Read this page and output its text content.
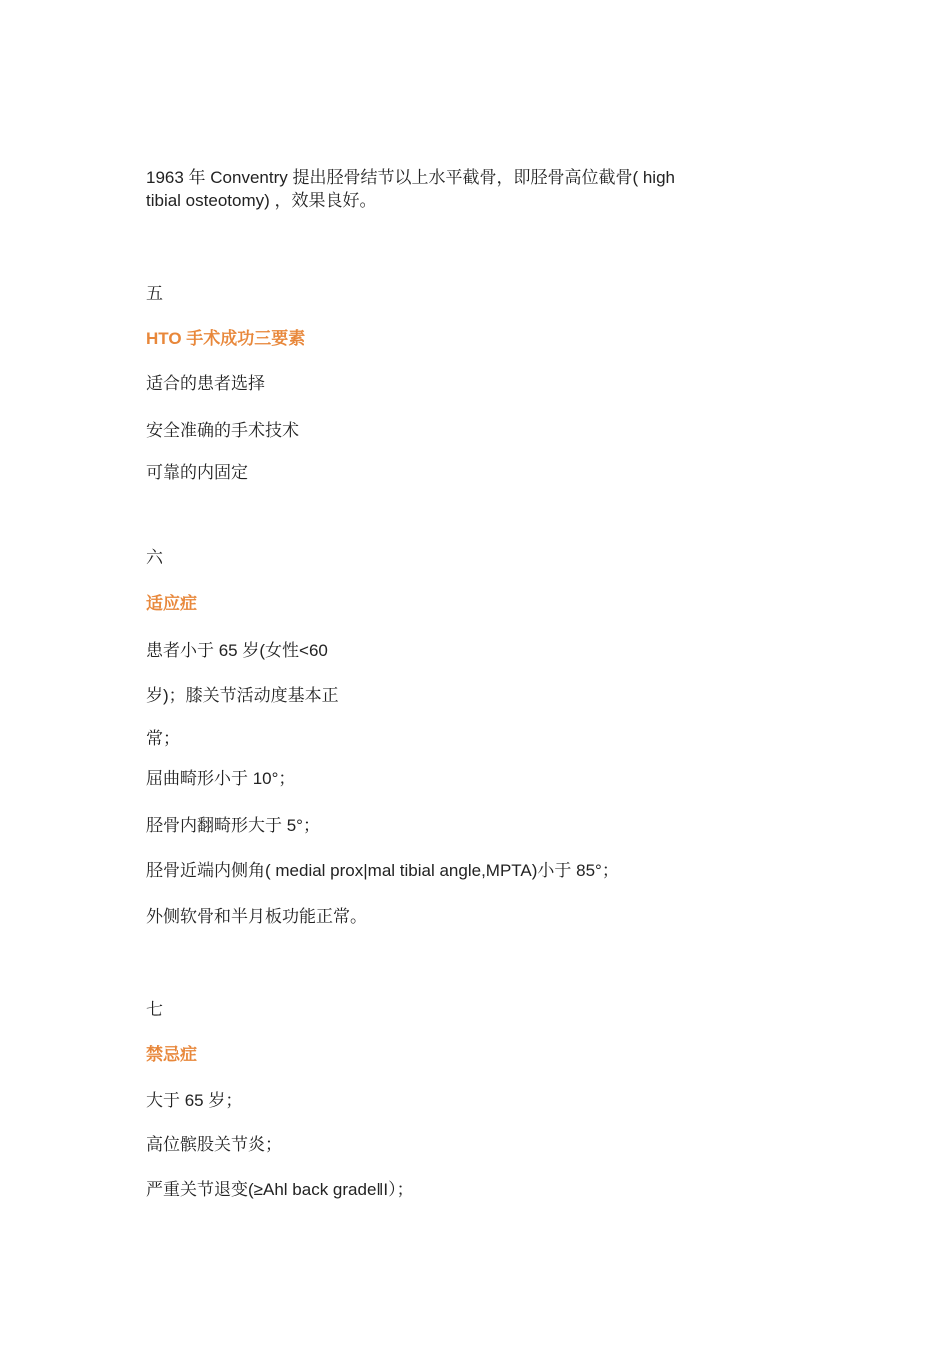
1963 年 Conventry 提出胫骨结节以上水平截骨，即胫骨高位截骨( high
tibial osteotomy) ，效果良好。
五
HTO 手术成功三要素
适合的患者选择
安全准确的手术技术
可靠的内固定
六
适应症
患者小于 65 岁(女性<60
岁)；膝关节活动度基本正
常；
屈曲畸形小于 10°；
胫骨内翻畸形大于 5°；
胫骨近端内侧角( medial prox|mal tibial angle,MPTA)小于 85°；
外侧软骨和半月板功能正常。
七
禁忌症
大于 65 岁；
高位髌股关节炎；
严重关节退变(≥Ahl back grade‖I）；
